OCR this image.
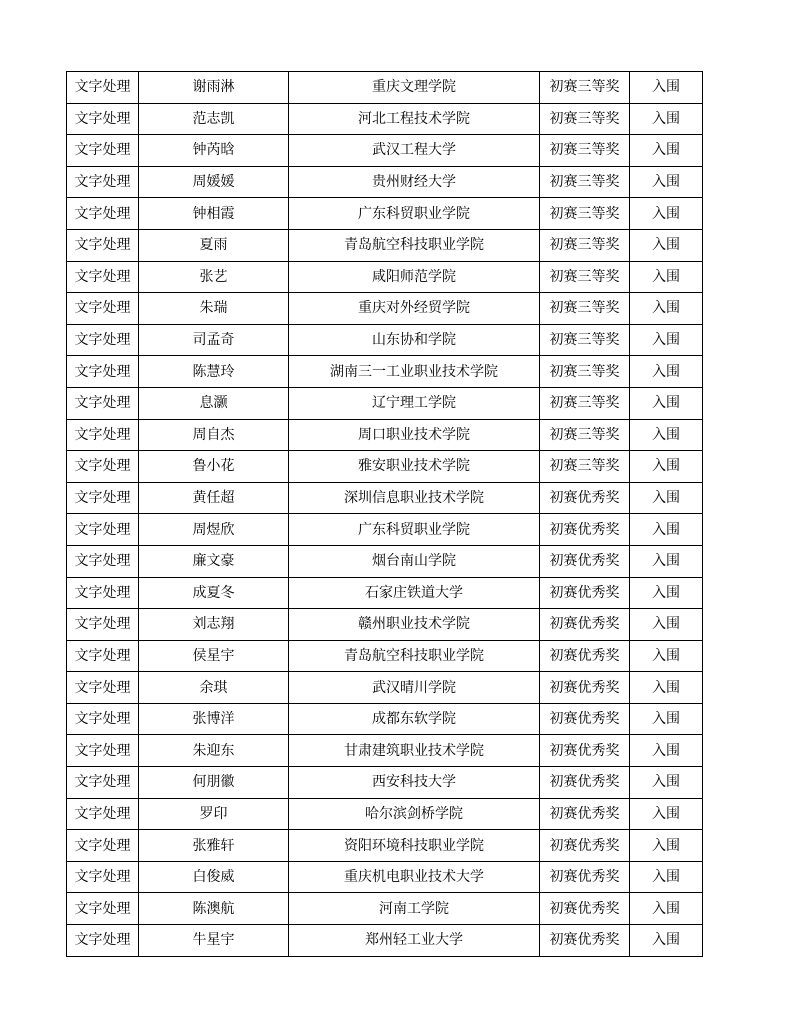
文字处理	谢雨淋	重庆文理学院	初赛三等奖	入围
文字处理	范志凯	河北工程技术学院	初赛三等奖	入围
文字处理	钟芮晗	武汉工程大学	初赛三等奖	入围
文字处理	周媛媛	贵州财经大学	初赛三等奖	入围
文字处理	钟相霞	广东科贸职业学院	初赛三等奖	入围
文字处理	夏雨	青岛航空科技职业学院	初赛三等奖	入围
文字处理	张艺	咸阳师范学院	初赛三等奖	入围
文字处理	朱瑞	重庆对外经贸学院	初赛三等奖	入围
文字处理	司孟奇	山东协和学院	初赛三等奖	入围
文字处理	陈慧玲	湖南三一工业职业技术学院	初赛三等奖	入围
文字处理	息灏	辽宁理工学院	初赛三等奖	入围
文字处理	周自杰	周口职业技术学院	初赛三等奖	入围
文字处理	鲁小花	雅安职业技术学院	初赛三等奖	入围
文字处理	黄任超	深圳信息职业技术学院	初赛优秀奖	入围
文字处理	周煜欣	广东科贸职业学院	初赛优秀奖	入围
文字处理	廉文豪	烟台南山学院	初赛优秀奖	入围
文字处理	成夏冬	石家庄铁道大学	初赛优秀奖	入围
文字处理	刘志翔	赣州职业技术学院	初赛优秀奖	入围
文字处理	侯星宇	青岛航空科技职业学院	初赛优秀奖	入围
文字处理	余琪	武汉晴川学院	初赛优秀奖	入围
文字处理	张博洋	成都东软学院	初赛优秀奖	入围
文字处理	朱迎东	甘肃建筑职业技术学院	初赛优秀奖	入围
文字处理	何朋徽	西安科技大学	初赛优秀奖	入围
文字处理	罗印	哈尔滨剑桥学院	初赛优秀奖	入围
文字处理	张雅轩	资阳环境科技职业学院	初赛优秀奖	入围
文字处理	白俊威	重庆机电职业技术大学	初赛优秀奖	入围
文字处理	陈澳航	河南工学院	初赛优秀奖	入围
文字处理	牛星宇	郑州轻工业大学	初赛优秀奖	入围
